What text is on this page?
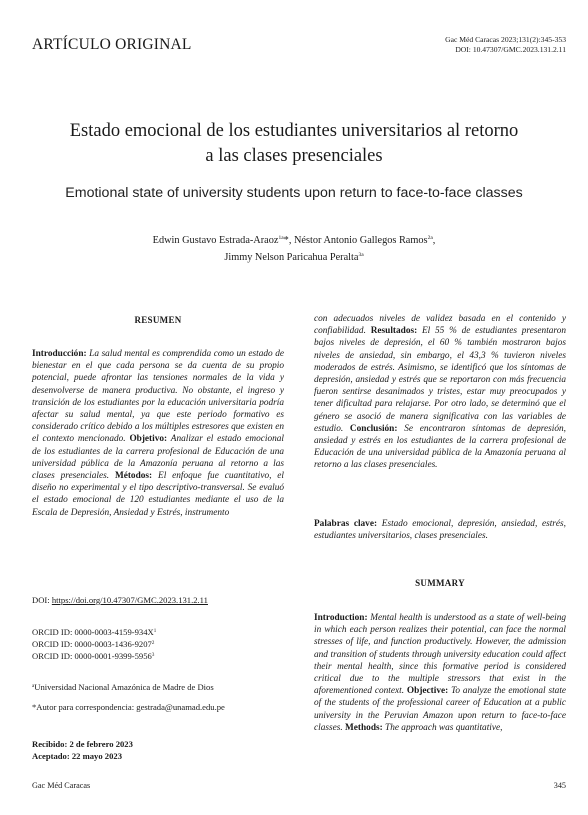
ARTÍCULO ORIGINAL	Gac Méd Caracas 2023;131(2):345-353
DOI: 10.47307/GMC.2023.131.2.11
Estado emocional de los estudiantes universitarios al retorno
a las clases presenciales
Emotional state of university students upon return to face-to-face classes
Edwin Gustavo Estrada-Araoz$^{1a}$*, Néstor Antonio Gallegos Ramos$^{2a}$,
Jimmy Nelson Paricahua Peralta$^{3a}$
RESUMEN
Introducción: La salud mental es comprendida como un estado de bienestar en el que cada persona se da cuenta de su propio potencial, puede afrontar las tensiones normales de la vida y desenvolverse de manera productiva. No obstante, el ingreso y transición de los estudiantes por la educación universitaria podría afectar su salud mental, ya que este periodo formativo es considerado crítico debido a los múltiples estresores que existen en el contexto mencionado. Objetivo: Analizar el estado emocional de los estudiantes de la carrera profesional de Educación de una universidad pública de la Amazonía peruana al retorno a las clases presenciales. Métodos: El enfoque fue cuantitativo, el diseño no experimental y el tipo descriptivo-transversal. Se evaluó el estado emocional de 120 estudiantes mediante el uso de la Escala de Depresión, Ansiedad y Estrés, instrumento
DOI: https://doi.org/10.47307/GMC.2023.131.2.11
ORCID ID: $0000-0003-4159-934X^1$
ORCID ID: 0000-0003-1436-9207$^2$
ORCID ID: 0000-0001-9399-5956$^3$
$^a$Universidad Nacional Amazónica de Madre de Dios
*Autor para correspondencia: gestrada@unamad.edu.pe
Recibido: 2 de febrero 2023
Aceptado: 22 mayo 2023
con adecuados niveles de validez basada en el contenido y confiabilidad. Resultados: El 55 % de estudiantes presentaron bajos niveles de depresión, el 60 % también mostraron bajos niveles de ansiedad, sin embargo, el 43,3 % tuvieron niveles moderados de estrés. Asimismo, se identificó que los síntomas de depresión, ansiedad y estrés que se reportaron con más frecuencia fueron sentirse desanimados y tristes, estar muy preocupados y tener dificultad para relajarse. Por otro lado, se determinó que el género se asoció de manera significativa con las variables de estudio. Conclusión: Se encontraron síntomas de depresión, ansiedad y estrés en los estudiantes de la carrera profesional de Educación de una universidad pública de la Amazonía peruana al retorno a las clases presenciales.
Palabras clave: Estado emocional, depresión, ansiedad, estrés, estudiantes universitarios, clases presenciales.
SUMMARY
Introduction: Mental health is understood as a state of well-being in which each person realizes their potential, can face the normal stresses of life, and function productively. However, the admission and transition of students through university education could affect their mental health, since this formative period is considered critical due to the multiple stressors that exist in the aforementioned context. Objective: To analyze the emotional state of the students of the professional career of Education at a public university in the Peruvian Amazon upon return to face-to-face classes. Methods: The approach was quantitative,
Gac Méd Caracas	345
